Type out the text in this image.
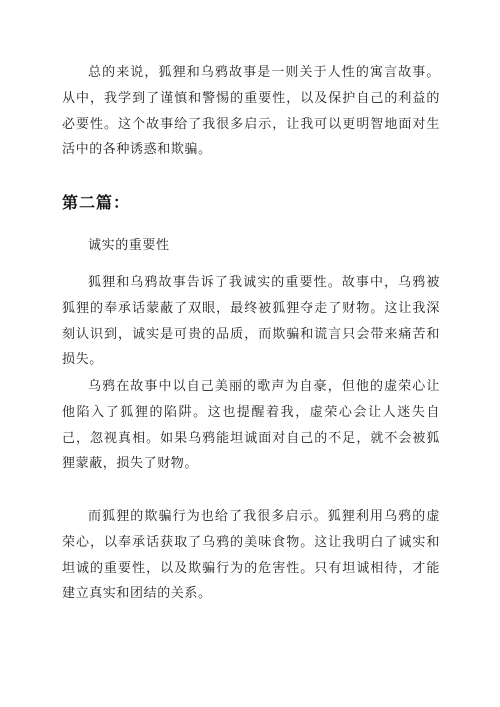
总的来说，狐狸和乌鸦故事是一则关于人性的寓言故事。从中，我学到了谨慎和警惕的重要性，以及保护自己的利益的必要性。这个故事给了我很多启示，让我可以更明智地面对生活中的各种诱惑和欺骗。

第二篇：

诚实的重要性

狐狸和乌鸦故事告诉了我诚实的重要性。故事中，乌鸦被狐狸的奉承话蒙蔽了双眼，最终被狐狸夺走了财物。这让我深刻认识到，诚实是可贵的品质，而欺骗和谎言只会带来痛苦和损失。

乌鸦在故事中以自己美丽的歌声为自豪，但他的虚荣心让他陷入了狐狸的陷阱。这也提醒着我，虚荣心会让人迷失自己，忽视真相。如果乌鸦能坦诚面对自己的不足，就不会被狐狸蒙蔽，损失了财物。

而狐狸的欺骗行为也给了我很多启示。狐狸利用乌鸦的虚荣心，以奉承话获取了乌鸦的美味食物。这让我明白了诚实和坦诚的重要性，以及欺骗行为的危害性。只有坦诚相待，才能建立真实和团结的关系。
